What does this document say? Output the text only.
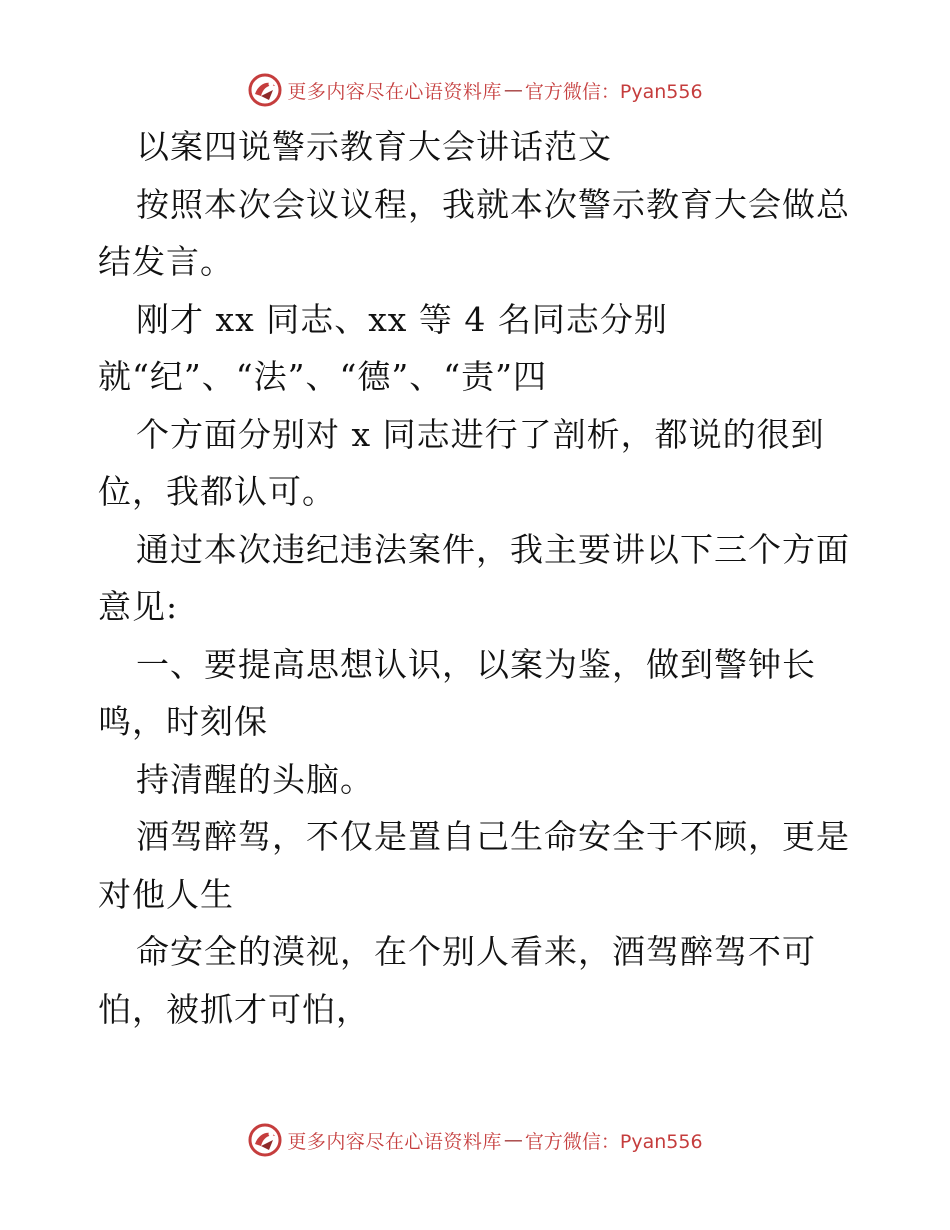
更多内容尽在心语资料库 — 官方微信：Pyan556
以案四说警示教育大会讲话范文
按照本次会议议程，我就本次警示教育大会做总
结发言。
刚才 xx 同志、xx 等 4 名同志分别
就“纪”、“法”、“德”、“责”四
个方面分别对 x 同志进行了剖析，都说的很到
位，我都认可。
通过本次违纪违法案件，我主要讲以下三个方面
意见:
一、要提高思想认识，以案为鉴，做到警钟长
鸣，时刻保
持清醒的头脑。
酒驾醉驾，不仅是置自己生命安全于不顾，更是
对他人生
命安全的漠视，在个别人看来，酒驾醉驾不可
怕，被抓才可怕，
更多内容尽在心语资料库 — 官方微信：Pyan556
